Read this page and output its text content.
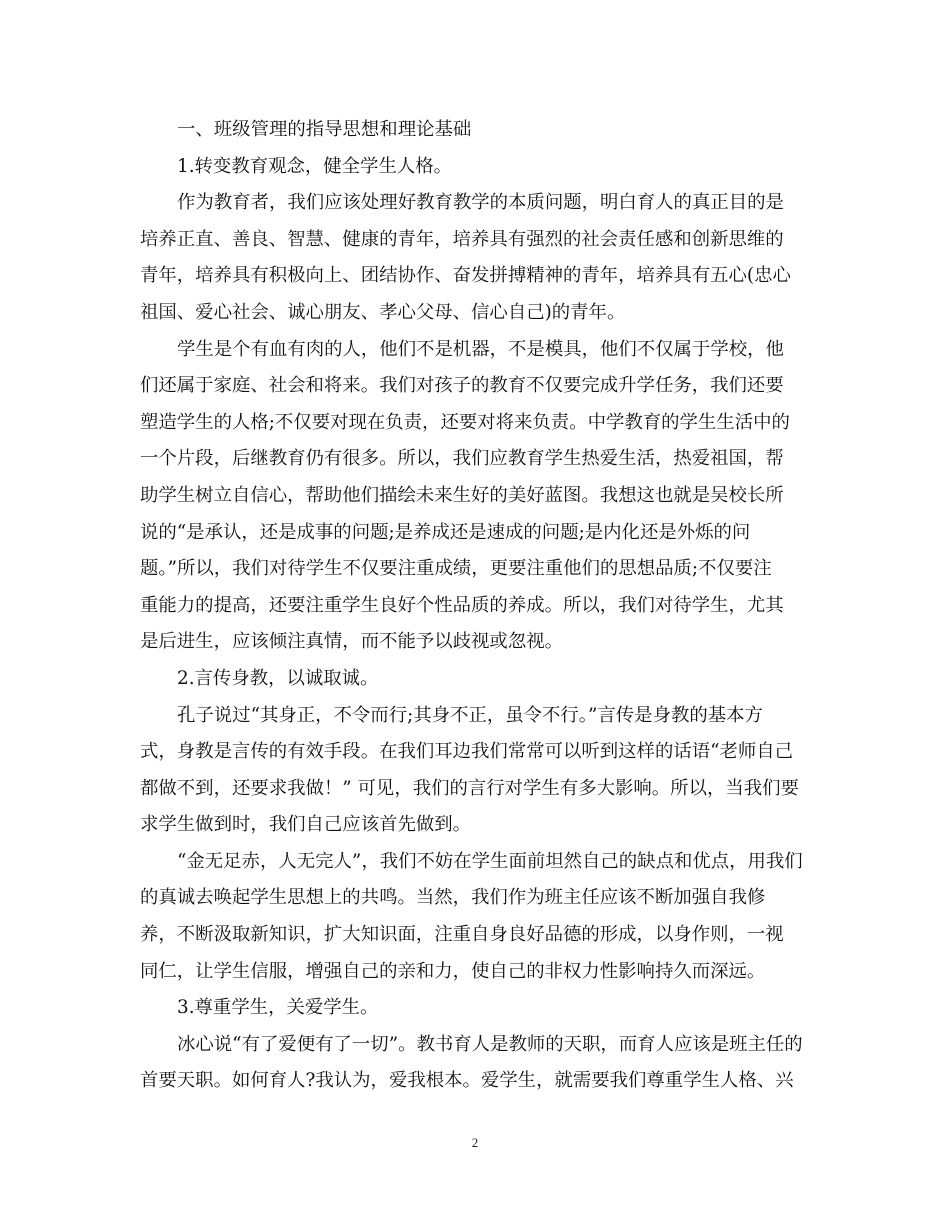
一、班级管理的指导思想和理论基础
1.转变教育观念，健全学生人格。
作为教育者，我们应该处理好教育教学的本质问题，明白育人的真正目的是
培养正直、善良、智慧、健康的青年，培养具有强烈的社会责任感和创新思维的
青年，培养具有积极向上、团结协作、奋发拼搏精神的青年，培养具有五心(忠心
祖国、爱心社会、诚心朋友、孝心父母、信心自己)的青年。
学生是个有血有肉的人，他们不是机器，不是模具，他们不仅属于学校，他
们还属于家庭、社会和将来。我们对孩子的教育不仅要完成升学任务，我们还要
塑造学生的人格;不仅要对现在负责，还要对将来负责。中学教育的学生生活中的
一个片段，后继教育仍有很多。所以，我们应教育学生热爱生活，热爱祖国，帮
助学生树立自信心，帮助他们描绘未来生好的美好蓝图。我想这也就是吴校长所
说的“是承认，还是成事的问题;是养成还是速成的问题;是内化还是外烁的问
题。”所以，我们对待学生不仅要注重成绩，更要注重他们的思想品质;不仅要注
重能力的提高，还要注重学生良好个性品质的养成。所以，我们对待学生，尤其
是后进生，应该倾注真情，而不能予以歧视或忽视。
2.言传身教，以诚取诚。
孔子说过“其身正，不令而行;其身不正，虽令不行。”言传是身教的基本方
式，身教是言传的有效手段。在我们耳边我们常常可以听到这样的话语“老师自己
都做不到，还要求我做！” 可见，我们的言行对学生有多大影响。所以，当我们要
求学生做到时，我们自己应该首先做到。
“金无足赤，人无完人”，我们不妨在学生面前坦然自己的缺点和优点，用我们
的真诚去唤起学生思想上的共鸣。当然，我们作为班主任应该不断加强自我修
养，不断汲取新知识，扩大知识面，注重自身良好品德的形成，以身作则，一视
同仁，让学生信服，增强自己的亲和力，使自己的非权力性影响持久而深远。
3.尊重学生，关爱学生。
冰心说“有了爱便有了一切”。教书育人是教师的天职，而育人应该是班主任的
首要天职。如何育人?我认为，爱我根本。爱学生，就需要我们尊重学生人格、兴
2
